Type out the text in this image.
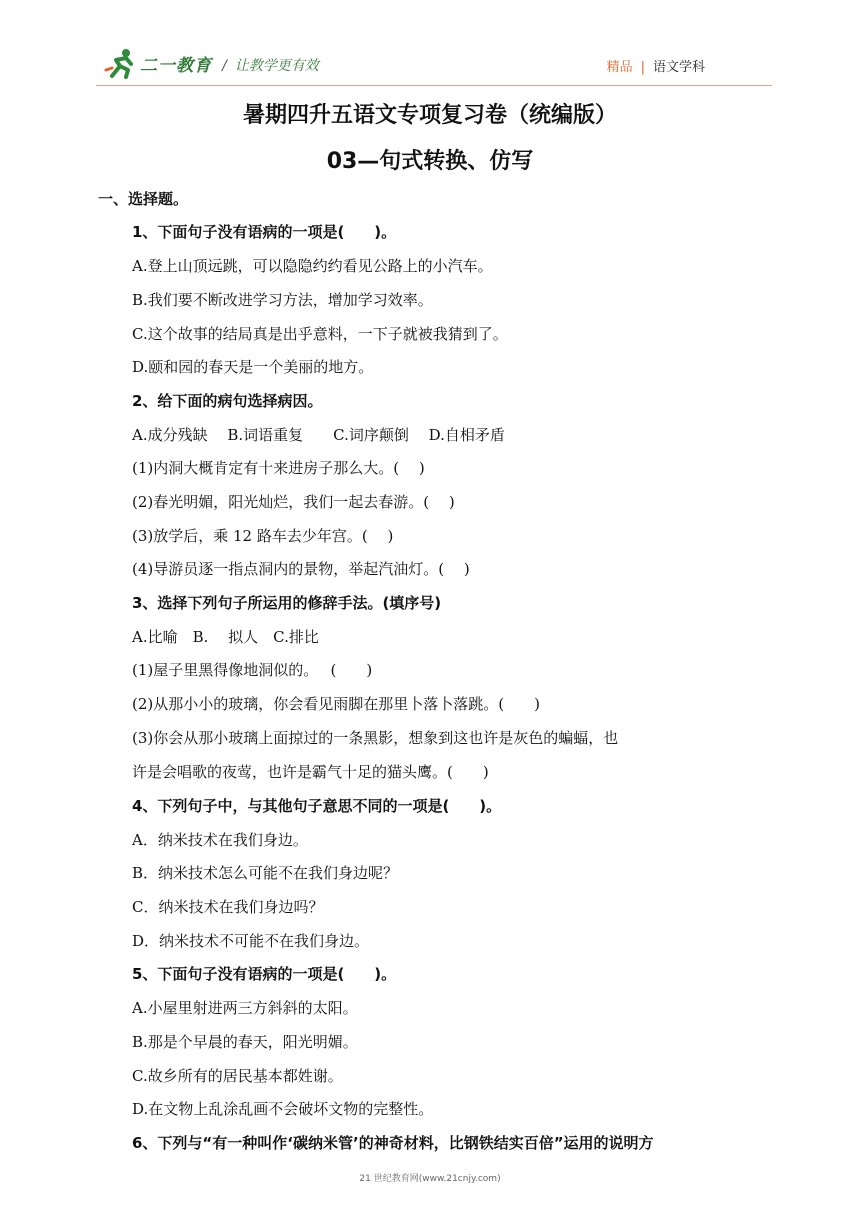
二一教育 / 让教学更有效	精品 | 语文学科
暑期四升五语文专项复习卷（统编版）
03—句式转换、仿写
一、选择题。
1、下面句子没有语病的一项是(　　)。
A.登上山顶远跳，可以隐隐约约看见公路上的小汽车。
B.我们要不断改进学习方法，增加学习效率。
C.这个故事的结局真是出乎意料，一下子就被我猜到了。
D.颐和园的春天是一个美丽的地方。
2、给下面的病句选择病因。
A.成分残缺　 B.词语重复　　C.词序颠倒　 D.自相矛盾
(1)内洞大概肯定有十来进房子那么大。(　 )
(2)春光明媚，阳光灿烂，我们一起去春游。(　 )
(3)放学后，乘 12 路车去少年宫。(　 )
(4)导游员逐一指点洞内的景物，举起汽油灯。(　 )
3、选择下列句子所运用的修辞手法。(填序号)
A.比喻　B.　 拟人　C.排比
(1)屋子里黑得像地洞似的。　 (　　)
(2)从那小小的玻璃，你会看见雨脚在那里卜落卜落跳。(　　)
(3)你会从那小玻璃上面掠过的一条黑影，想象到这也许是灰色的蝙蝠，也
许是会唱歌的夜莺，也许是霸气十足的猫头鹰。(　　)
4、下列句子中，与其他句子意思不同的一项是(　　)。
A．纳米技术在我们身边。
B．纳米技术怎么可能不在我们身边呢？
C．纳米技术在我们身边吗？
D．纳米技术不可能不在我们身边。
5、下面句子没有语病的一项是(　　)。
A.小屋里射进两三方斜斜的太阳。
B.那是个早晨的春天，阳光明媚。
C.故乡所有的居民基本都姓谢。
D.在文物上乱涂乱画不会破坏文物的完整性。
6、下列与“有一种叫作‘碳纳米管’的神奇材料，比钢铁结实百倍”运用的说明方
21 世纪教育网(www.21cnjy.com)
